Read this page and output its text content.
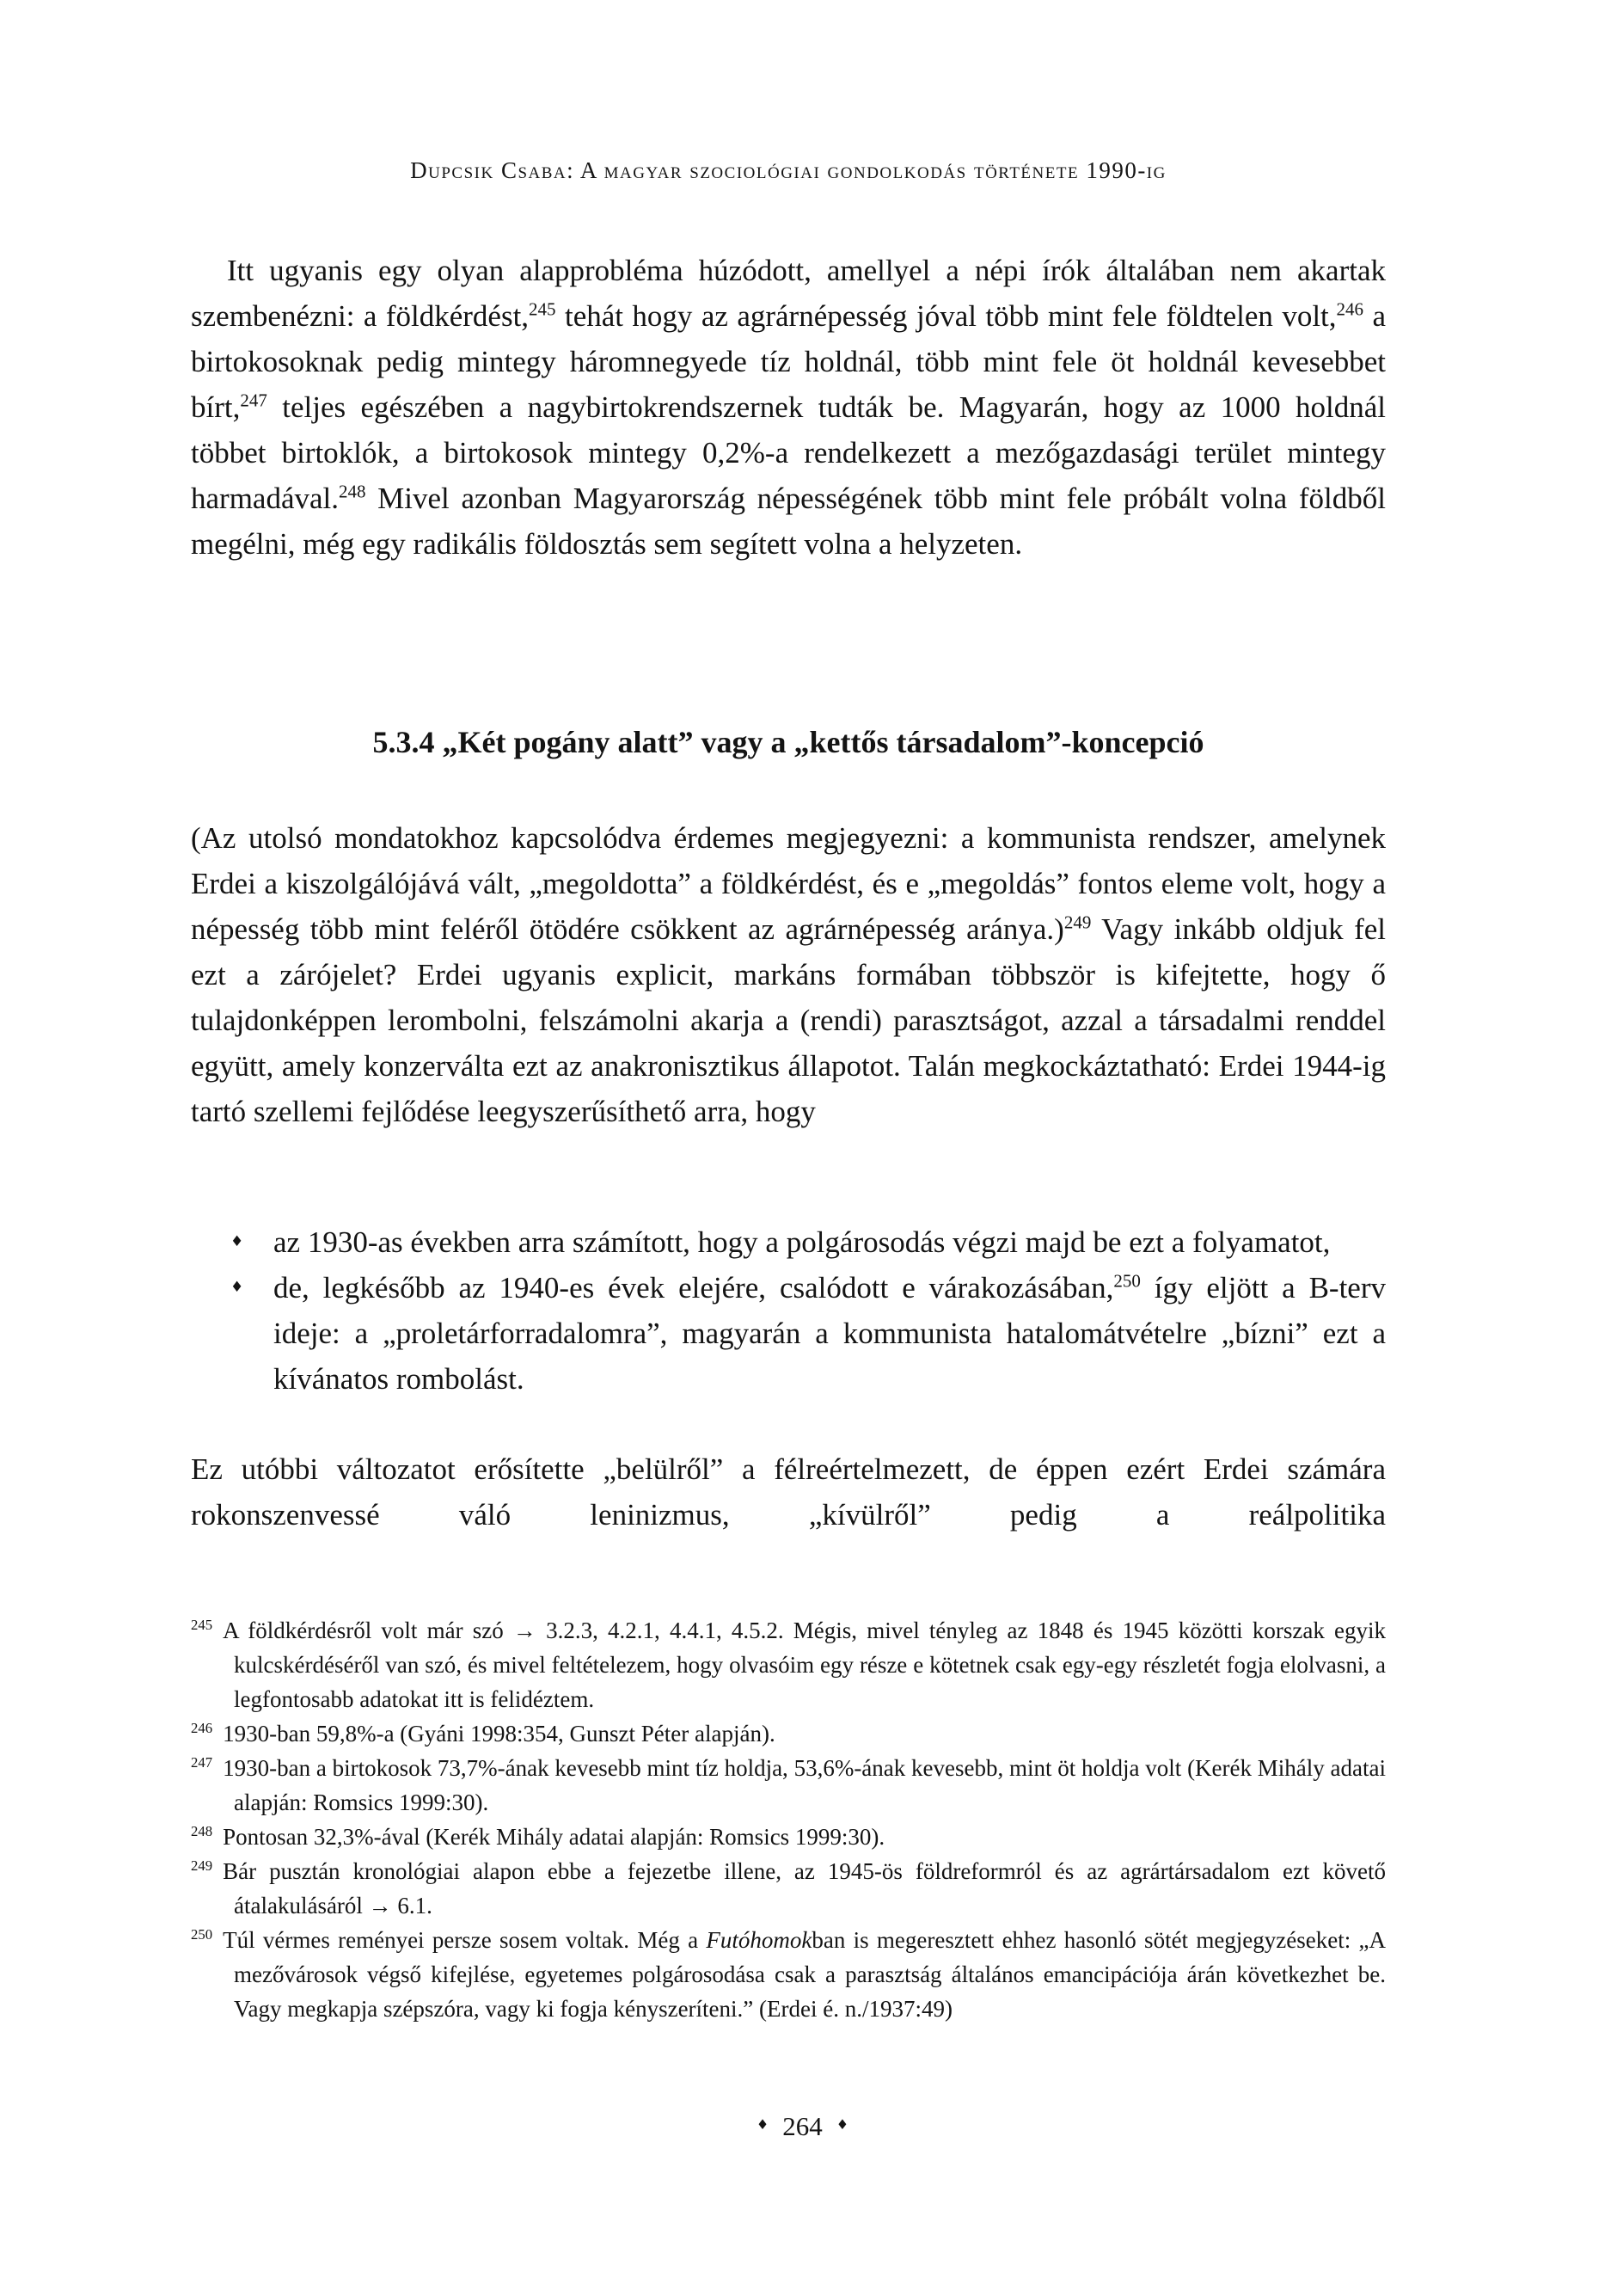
Dupcsik Csaba: A magyar szociológiai gondolkodás története 1990-ig
Itt ugyanis egy olyan alapprobléma húzódott, amellyel a népi írók általában nem akartak szembenézni: a földkérdést,$^{245}$ tehát hogy az agrárnépesség jóval több mint fele földtelen volt,$^{246}$ a birtokosoknak pedig mintegy háromnegyede tíz holdnál, több mint fele öt holdnál kevesebbet bírt,$^{247}$ teljes egészében a nagybirtokrendszernek tudták be. Magyarán, hogy az 1000 holdnál többet birtoklók, a birtokosok mintegy 0,2%-a rendelkezett a mezőgazdasági terület mintegy harmadával.$^{248}$ Mivel azonban Magyarország népességének több mint fele próbált volna földből megélni, még egy radikális földosztás sem segített volna a helyzeten.
5.3.4 „Két pogány alatt” vagy a „kettős társadalom”-koncepció
(Az utolsó mondatokhoz kapcsolódva érdemes megjegyezni: a kommunista rendszer, amelynek Erdei a kiszolgálójává vált, „megoldotta” a földkérdést, és e „megoldás” fontos eleme volt, hogy a népesség több mint feléről ötödére csökkent az agrárnépesség aránya.)$^{249}$ Vagy inkább oldjuk fel ezt a zárójelet? Erdei ugyanis explicit, markáns formában többször is kifejtette, hogy ő tulajdonképpen lerombolni, felszámolni akarja a (rendi) parasztságot, azzal a társadalmi renddel együtt, amely konzerválta ezt az anakronisztikus állapotot. Talán megkockáztatható: Erdei 1944-ig tartó szellemi fejlődése leegyszerűsíthető arra, hogy
♦ az 1930-as években arra számított, hogy a polgárosodás végzi majd be ezt a folyamatot,
♦ de, legkésőbb az 1940-es évek elejére, csalódott e várakozásában,$^{250}$ így eljött a B-terv ideje: a „proletárforradalomra”, magyarán a kommunista hatalomátvételre „bízni” ezt a kívánatos rombolást.
Ez utóbbi változatot erősítette „belülről” a félreértelmezett, de éppen ezért Erdei számára rokonszenvessé váló leninizmus, „kívülről” pedig a reálpolitika
$^{245}$ A földkérdésről volt már szó → 3.2.3, 4.2.1, 4.4.1, 4.5.2. Mégis, mivel tényleg az 1848 és 1945 közötti korszak egyik kulcskérdéséről van szó, és mivel feltételezem, hogy olvasóim egy része e kötetnek csak egy-egy részletét fogja elolvasni, a legfontosabb adatokat itt is felidéztem.
$^{246}$ 1930-ban 59,8%-a (Gyáni 1998:354, Gunszt Péter alapján).
$^{247}$ 1930-ban a birtokosok 73,7%-ának kevesebb mint tíz holdja, 53,6%-ának kevesebb, mint öt holdja volt (Kerék Mihály adatai alapján: Romsics 1999:30).
$^{248}$ Pontosan 32,3%-ával (Kerék Mihály adatai alapján: Romsics 1999:30).
$^{249}$ Bár pusztán kronológiai alapon ebbe a fejezetbe illene, az 1945-ös földreformról és az agrártársadalom ezt követő átalakulásáról → 6.1.
$^{250}$ Túl vérmes reményei persze sosem voltak. Még a Futóhomokban is megeresztett ehhez hasonló sötét megjegyzéseket: „A mezővárosok végső kifejlése, egyetemes polgárosodása csak a parasztság általános emancipációja árán következhet be. Vagy megkapja szépszóra, vagy ki fogja kényszeríteni.” (Erdei é. n./1937:49)
♦ 264 ♦
